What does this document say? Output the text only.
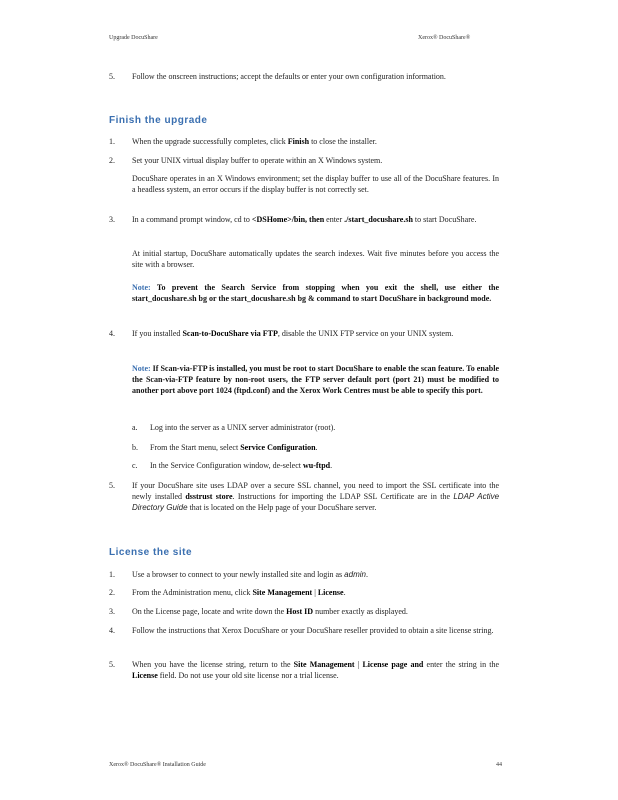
Upgrade DocuShare	Xerox® DocuShare®
5.	Follow the onscreen instructions; accept the defaults or enter your own configuration information.
Finish the upgrade
1.	When the upgrade successfully completes, click Finish to close the installer.
2.	Set your UNIX virtual display buffer to operate within an X Windows system.
DocuShare operates in an X Windows environment; set the display buffer to use all of the DocuShare features. In a headless system, an error occurs if the display buffer is not correctly set.
3.	In a command prompt window, cd to <DSHome>/bin, then enter ./start_docushare.sh to start DocuShare.
At initial startup, DocuShare automatically updates the search indexes. Wait five minutes before you access the site with a browser.
Note: To prevent the Search Service from stopping when you exit the shell, use either the start_docushare.sh bg or the start_docushare.sh bg & command to start DocuShare in background mode.
4.	If you installed Scan-to-DocuShare via FTP, disable the UNIX FTP service on your UNIX system.
Note: If Scan-via-FTP is installed, you must be root to start DocuShare to enable the scan feature. To enable the Scan-via-FTP feature by non-root users, the FTP server default port (port 21) must be modified to another port above port 1024 (ftpd.conf) and the Xerox Work Centres must be able to specify this port.
a.	Log into the server as a UNIX server administrator (root).
b.	From the Start menu, select Service Configuration.
c.	In the Service Configuration window, de-select wu-ftpd.
5.	If your DocuShare site uses LDAP over a secure SSL channel, you need to import the SSL certificate into the newly installed dsstrust store. Instructions for importing the LDAP SSL Certificate are in the LDAP Active Directory Guide that is located on the Help page of your DocuShare server.
License the site
1.	Use a browser to connect to your newly installed site and login as admin.
2.	From the Administration menu, click Site Management | License.
3.	On the License page, locate and write down the Host ID number exactly as displayed.
4.	Follow the instructions that Xerox DocuShare or your DocuShare reseller provided to obtain a site license string.
5.	When you have the license string, return to the Site Management | License page and enter the string in the License field. Do not use your old site license nor a trial license.
Xerox® DocuShare® Installation Guide	44
